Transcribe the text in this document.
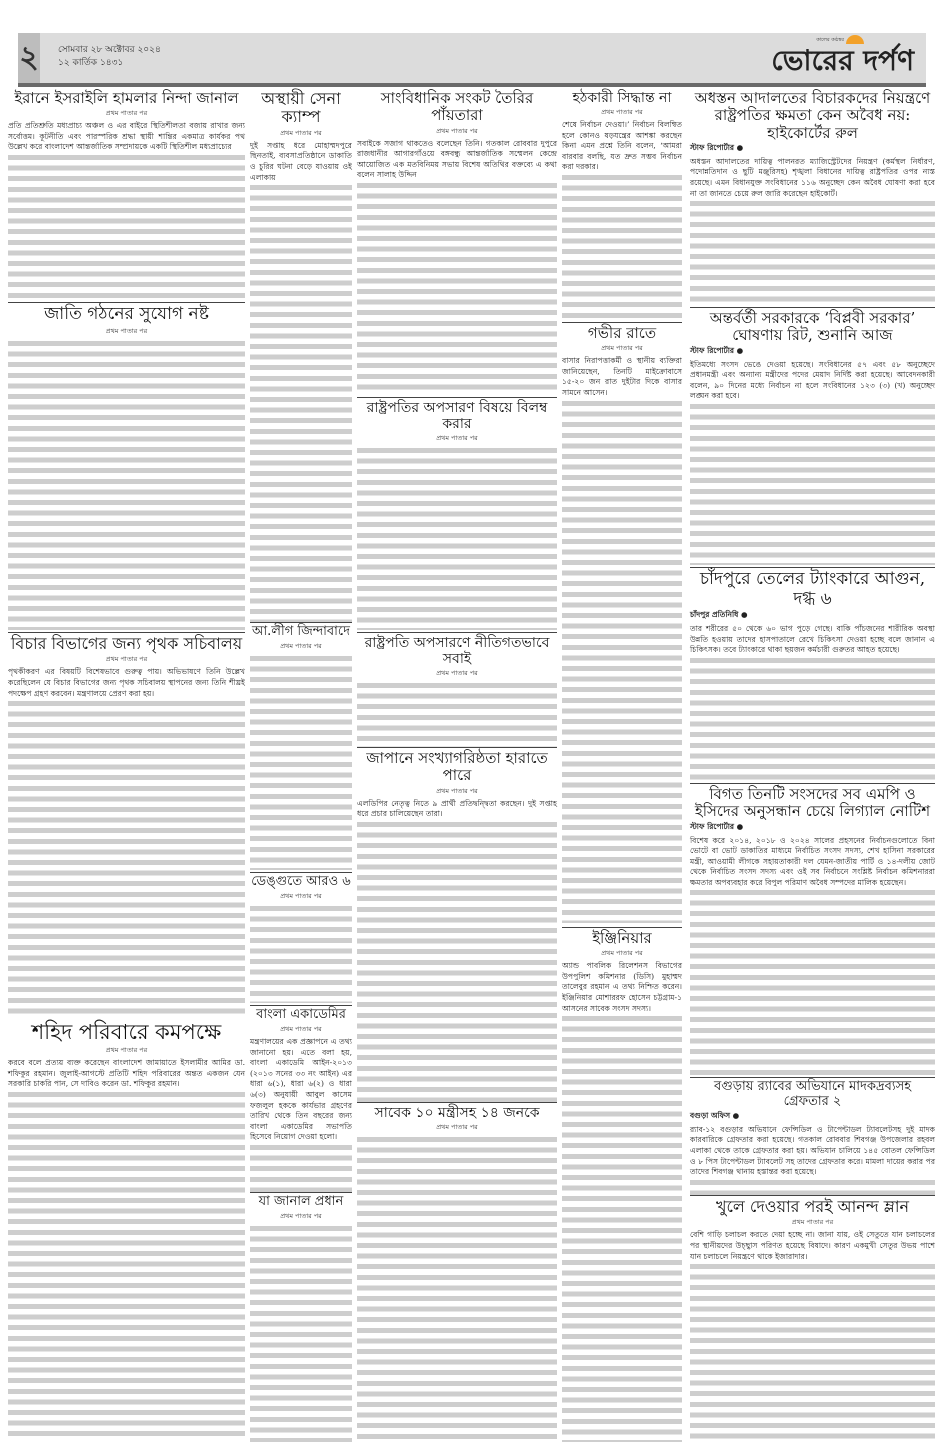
২ সোমবার ২৮ অক্টোবর ২০২৪
১২ কার্তিক ১৪৩১
কালের কণ্ঠস্বর
ভোরের দর্পণ
ইরানে ইসরাইলি হামলার নিন্দা জানাল
প্রথম পাতার পর

প্রতি প্রতিশ্রুতি মধ্যপ্রাচ্য অঞ্চল ও এর বাইরে স্থিতিশীলতা বজায় রাখার জন্য সর্বোত্তম। কূটনীতি এবং পারস্পরিক শ্রদ্ধা স্থায়ী শান্তির একমাত্র কার্যকর পথ উল্লেখ করে বাংলাদেশ আন্তর্জাতিক সম্প্রদায়কে একটি স্থিতিশীল মধ্যপ্রাচ্যের

জাতি গঠনের সুযোগ নষ্ট
প্রথম পাতার পর

বিচার বিভাগের জন্য পৃথক সচিবালয়
প্রথম পাতার পর

পৃথকীকরণ এর বিষয়টি বিশেষভাবে গুরুত্ব পায়। অভিভাষণে তিনি উল্লেখ করেছিলেন যে বিচার বিভাগের জন্য পৃথক সচিবালয় স্থাপনের জন্য তিনি শীঘ্রই পদক্ষেপ গ্রহণ করবেন। মন্ত্রণালয়ে প্রেরণ করা হয়।

শহিদ পরিবারে কমপক্ষে
প্রথম পাতার পর

করবে বলে প্রত্যয় ব্যক্ত করেছেন বাংলাদেশ জামায়াতে ইসলামীর আমির ডা. শফিকুর রহমান। জুলাই-আগস্টে প্রতিটি শহিদ পরিবারের অন্তত একজন যেন সরকারি চাকরি পান, সে দাবিও করেন ডা. শফিকুর রহমান।

অস্থায়ী সেনা ক্যাম্প
প্রথম পাতার পর

দুই সপ্তাহ ধরে মোহাম্মদপুরে ছিনতাই, ব্যবসাপ্রতিষ্ঠানে ডাকাতি ও চুরির ঘটনা বেড়ে যাওয়ায় ওই এলাকায়

আ.লীগ জিন্দাবাদে
প্রথম পাতার পর

ডেঙ্গুতে আরও ৬
প্রথম পাতার পর

বাংলা একাডেমির
প্রথম পাতার পর

মন্ত্রণালয়ের এক প্রজ্ঞাপনে এ তথ্য জানানো হয়। এতে বলা হয়, বাংলা একাডেমি আইন-২০১৩ (২০১৩ সনের ৩৩ নং আইন) এর ধারা ৬(১), ধারা ৬(২) ও ধারা ৬(৩) অনুযায়ী আবুল কাসেম ফজলুল হককে কার্যভার গ্রহণের তারিখ থেকে তিন বছরের জন্য বাংলা একাডেমির সভাপতি হিসেবে নিয়োগ দেওয়া হলো।

যা জানাল প্রধান
প্রথম পাতার পর

সাংবিধানিক সংকট তৈরির পাঁয়তারা
প্রথম পাতার পর

সবাইকে সজাগ থাকতেও বলেছেন তিনি। গতকাল রোববার দুপুরে রাজধানীর আগারগাঁওয়ে বঙ্গবন্ধু আন্তর্জাতিক সম্মেলন কেন্দ্রে আয়োজিত এক মতবিনিময় সভায় বিশেষ অতিথির বক্তব্যে এ কথা বলেন সালাহ উদ্দিন

রাষ্ট্রপতির অপসারণ বিষয়ে বিলম্ব করার
প্রথম পাতার পর

রাষ্ট্রপতি অপসারণে নীতিগতভাবে সবাই
প্রথম পাতার পর

জাপানে সংখ্যাগরিষ্ঠতা হারাতে পারে
প্রথম পাতার পর

এলডিপির নেতৃত্ব নিতে ৯ প্রার্থী প্রতিদ্বন্দ্বিতা করছেন। দুই সপ্তাহ ধরে প্রচার চালিয়েছেন তারা।

সাবেক ১০ মন্ত্রীসহ ১৪ জনকে
প্রথম পাতার পর

হঠকারী সিদ্ধান্ত না
প্রথম পাতার পর

শেষে নির্বাচন দেওয়া।’ নির্বাচন বিলম্বিত হলে কোনও ষড়যন্ত্রের আশঙ্কা করছেন কিনা এমন প্রশ্নে তিনি বলেন, ‘আমরা বারবার বলছি, যত দ্রুত সম্ভব নির্বাচন করা দরকার।

গভীর রাতে
প্রথম পাতার পর

বাসার নিরাপত্তাকর্মী ও স্থানীয় ব্যক্তিরা জানিয়েছেন, তিনটি মাইক্রোবাসে ১৫-২০ জন রাত দুইটার দিকে বাসার সামনে আসেন।

ইঞ্জিনিয়ার
প্রথম পাতার পর

অ্যান্ড পাবলিক রিলেশনস বিভাগের উপপুলিশ কমিশনার (ডিসি) মুহাম্মদ তালেবুর রহমান এ তথ্য নিশ্চিত করেন। ইঞ্জিনিয়ার মোশাররফ হোসেন চট্টগ্রাম-১ আসনের সাবেক সংসদ সদস্য।

অধস্তন আদালতের বিচারকদের নিয়ন্ত্রণে রাষ্ট্রপতির ক্ষমতা কেন অবৈধ নয়: হাইকোর্টের রুল
স্টাফ রিপোর্টার ●

অধস্তন আদালতের দায়িত্ব পালনরত ম্যাজিস্ট্রেটদের নিয়ন্ত্রণ (কর্মস্থল নির্ধারণ, পদোন্নতিদান ও ছুটি মঞ্জুরিসহ) শৃঙ্খলা বিধানের দায়িত্ব রাষ্ট্রপতির ওপর ন্যস্ত রয়েছে। এমন বিধানযুক্ত সংবিধানের ১১৬ অনুচ্ছেদ কেন অবৈধ ঘোষণা করা হবে না তা জানতে চেয়ে রুল জারি করেছেন হাইকোর্ট।

অন্তর্বর্তী সরকারকে ‘বিপ্লবী সরকার’ ঘোষণায় রিট, শুনানি আজ
স্টাফ রিপোর্টার ●

ইতিমধ্যে সংসদ ভেঙে দেওয়া হয়েছে। সংবিধানের ৫৭ এবং ৫৮ অনুচ্ছেদে প্রধানমন্ত্রী এবং অন্যান্য মন্ত্রীদের পদের মেয়াদ নির্দিষ্ট করা হয়েছে। আবেদনকারী বলেন, ৯০ দিনের মধ্যে নির্বাচন না হলে সংবিধানের ১২৩ (৩) (খ) অনুচ্ছেদ লঙ্ঘন করা হবে।

চাঁদপুরে তেলের ট্যাংকারে আগুন, দগ্ধ ৬
চাঁদপুর প্রতিনিধি ●

তার শরীরের ৫০ থেকে ৬০ ভাগ পুড়ে গেছে। বাকি পাঁচজনের শারীরিক অবস্থা উন্নতি হওয়ায় তাদের হাসপাতালে রেখে চিকিৎসা দেওয়া হচ্ছে বলে জানান এ চিকিৎসক। তবে ট্যাংকারে থাকা ছয়জন কর্মচারী গুরুতর আহত হয়েছে।

বিগত তিনটি সংসদের সব এমপি ও ইসিদের অনুসন্ধান চেয়ে লিগ্যাল নোটিশ
স্টাফ রিপোর্টার ●

বিশেষ করে ২০১৪, ২০১৮ ও ২০২৪ সালের প্রহসনের নির্বাচনগুলোতে বিনা ভোটে বা ভোট ডাকাতির মাধ্যমে নির্বাচিত সংসদ সদস্য, শেখ হাসিনা সরকারের মন্ত্রী, আওয়ামী লীগকে সহায়তাকারী দল যেমন-জাতীয় পার্টি ও ১৪-দলীয় জোট থেকে নির্বাচিত সংসদ সদস্য এবং ওই সব নির্বাচনে সংশ্লিষ্ট নির্বাচন কমিশনাররা ক্ষমতার অপব্যবহার করে বিপুল পরিমাণ অবৈধ সম্পদের মালিক হয়েছেন।

বগুড়ায় র‍্যাবের অভিযানে মাদকদ্রব্যসহ গ্রেফতার ২
বগুড়া অফিস ●

র‍্যাব-১২ বগুড়ার অভিযানে ফেন্সিডিল ও টাপেন্টাডল ট্যাবলেটসহ দুই মাদক কারবারিকে গ্রেফতার করা হয়েছে। গতকাল রোববার শিবগঞ্জ উপজেলার রহবল এলাকা থেকে তাকে গ্রেফতার করা হয়। অভিযান চালিয়ে ১৪৫ বোতল ফেন্সিডিল ও ৮ পিস টাপেন্টাডল ট্যাবলেট সহ তাদের গ্রেফতার করে। মামলা দায়ের করার পর তাদের শিবগঞ্জ থানায় হস্তান্তর করা হয়েছে।

খুলে দেওয়ার পরই আনন্দ ম্লান
প্রথম পাতার পর

বেশি গাড়ি চলাচল করতে দেয়া হচ্ছে না। জানা যায়, ওই সেতুতে যান চলাচলের পর স্থানীয়দের উচ্ছ্বাস পরিণত হয়েছে বিষাদে। কারণ একমুখী সেতুর উভয় পাশে যান চলাচলে নিয়ন্ত্রণে থাকে ইজারাদার।
